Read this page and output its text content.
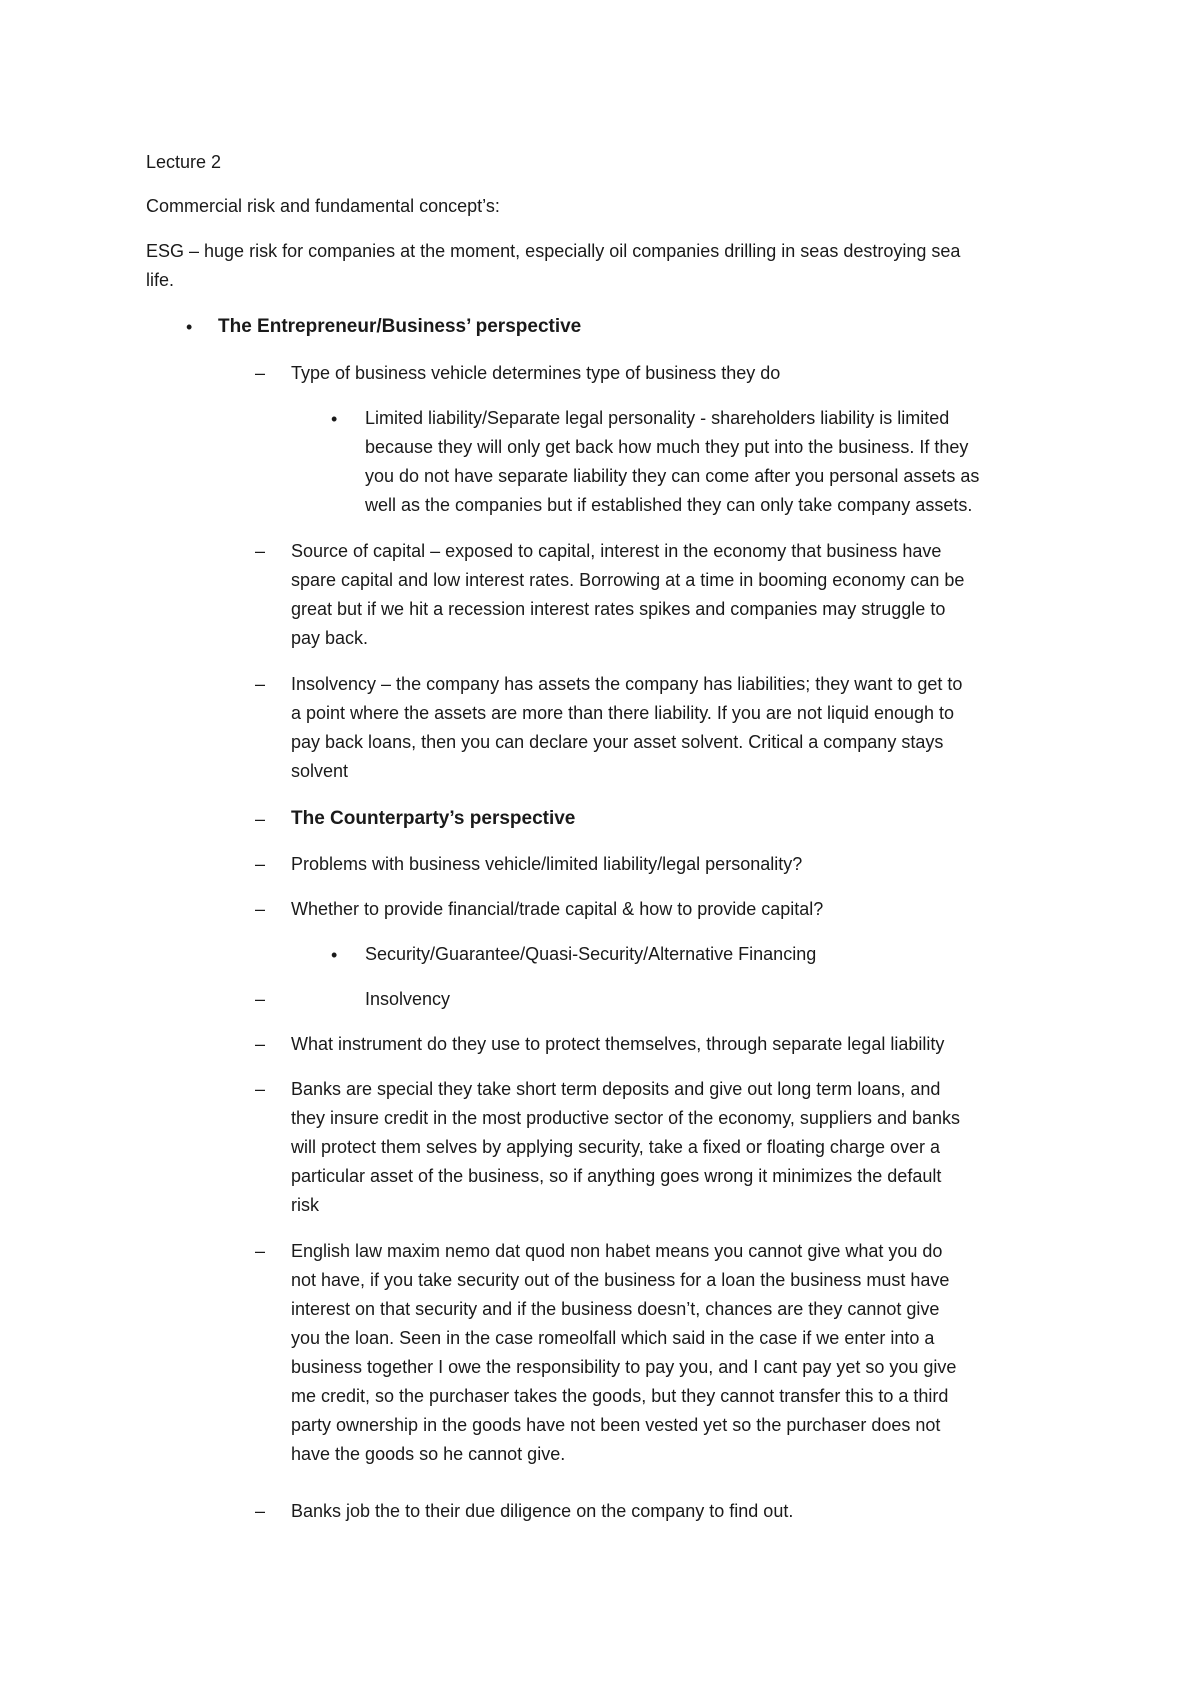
Lecture 2
Commercial risk and fundamental concept’s:

ESG – huge risk for companies at the moment, especially oil companies drilling in seas destroying sea

life.

• The Entrepreneur/Business’ perspective
– Type of business vehicle determines type of business they do
• Limited liability/Separate legal personality - shareholders liability is limited

because they will only get back how much they put into the business. If they

you do not have separate liability they can come after you personal assets as

well as the companies but if established they can only take company assets.

– Source of capital – exposed to capital, interest in the economy that business have

spare capital and low interest rates. Borrowing at a time in booming economy can be

great but if we hit a recession interest rates spikes and companies may struggle to

pay back.

– Insolvency – the company has assets the company has liabilities; they want to get to

a point where the assets are more than there liability. If you are not liquid enough to

pay back loans, then you can declare your asset solvent. Critical a company stays

solvent

– The Counterparty’s perspective
– Problems with business vehicle/limited liability/legal personality?
– Whether to provide financial/trade capital & how to provide capital?
• Security/Guarantee/Quasi-Security/Alternative Financing
–	Insolvency
– What instrument do they use to protect themselves, through separate legal liability
– Banks are special they take short term deposits and give out long term loans, and

they insure credit in the most productive sector of the economy, suppliers and banks

will protect them selves by applying security, take a fixed or floating charge over a

particular asset of the business, so if anything goes wrong it minimizes the default

risk

– English law maxim nemo dat quod non habet means you cannot give what you do

not have, if you take security out of the business for a loan the business must have

interest on that security and if the business doesn’t, chances are they cannot give

you the loan. Seen in the case romeolfall which said in the case if we enter into a

business together I owe the responsibility to pay you, and I cant pay yet so you give

me credit, so the purchaser takes the goods, but they cannot transfer this to a third

party ownership in the goods have not been vested yet so the purchaser does not

have the goods so he cannot give.

– Banks job the to their due diligence on the company to find out.
